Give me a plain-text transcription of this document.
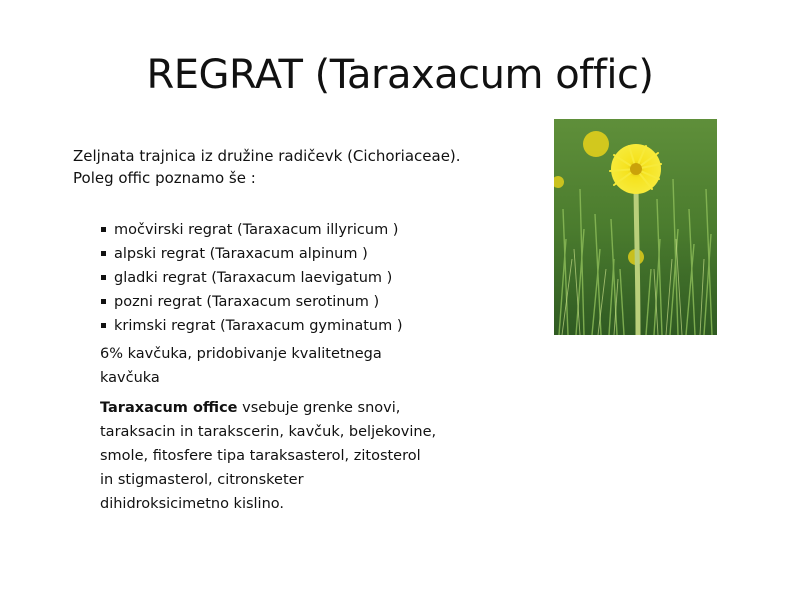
REGRAT (Taraxacum offic)

Zeljnata trajnica iz družine radičevk (Cichoriaceae).
Poleg offic poznamo še :

močvirski regrat (Taraxacum illyricum )
alpski regrat (Taraxacum alpinum )
gladki regrat (Taraxacum laevigatum )
pozni regrat (Taraxacum serotinum )
krimski regrat (Taraxacum gyminatum )

6% kavčuka, pridobivanje kvalitetnega
kavčuka

Taraxacum office vsebuje grenke snovi,
taraksacin in tarakscerin, kavčuk, beljekovine,
smole, fitosfere tipa taraksasterol, zitosterol
in stigmasterol, citronsketer
dihidroksicimetno kislino.
